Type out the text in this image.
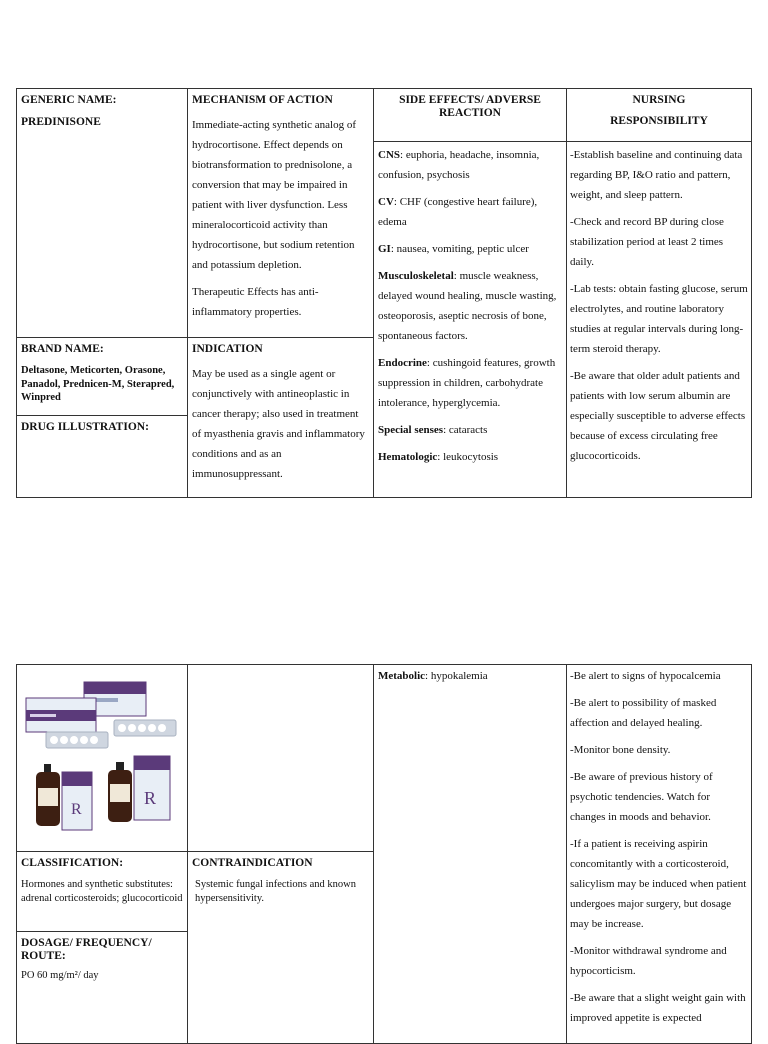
GENERIC NAME:
PREDINISONE
BRAND NAME:
Deltasone, Meticorten, Orasone, Panadol, Prednicen-M, Sterapred, Winpred
DRUG ILLUSTRATION:
MECHANISM OF ACTION

Immediate-acting synthetic analog of hydrocortisone. Effect depends on biotransformation to prednisolone, a conversion that may be impaired in patient with liver dysfunction. Less mineralocorticoid activity than hydrocortisone, but sodium retention and potassium depletion.

Therapeutic Effects has anti-inflammatory properties.

INDICATION

May be used as a single agent or conjunctively with antineoplastic in cancer therapy; also used in treatment of myasthenia gravis and inflammatory conditions and as an immunosuppressant.

SIDE EFFECTS/ ADVERSE REACTION

CNS: euphoria, headache, insomnia, confusion, psychosis

CV: CHF (congestive heart failure), edema

GI: nausea, vomiting, peptic ulcer

Musculoskeletal: muscle weakness, delayed wound healing, muscle wasting, osteoporosis, aseptic necrosis of bone, spontaneous factors.

Endocrine: cushingoid features, growth suppression in children, carbohydrate intolerance, hyperglycemia.

Special senses: cataracts

Hematologic: leukocytosis

NURSING
RESPONSIBILITY

-Establish baseline and continuing data regarding BP, I&O ratio and pattern, weight, and sleep pattern.

-Check and record BP during close stabilization period at least 2 times daily.

-Lab tests: obtain fasting glucose, serum electrolytes, and routine laboratory studies at regular intervals during long-term steroid therapy.

-Be aware that older adult patients and patients with low serum albumin are especially susceptible to adverse effects because of excess circulating free glucocorticoids.

R
R
CLASSIFICATION:
Hormones and synthetic substitutes: adrenal corticosteroids; glucocorticoid
DOSAGE/ FREQUENCY/ ROUTE:
PO 60 mg/m²/ day
CONTRAINDICATION
Systemic fungal infections and known hypersensitivity.

Metabolic: hypokalemia	-Be alert to signs of hypocalcemia

-Be alert to possibility of masked affection and delayed healing.

-Monitor bone density.

-Be aware of previous history of psychotic tendencies. Watch for changes in moods and behavior.

-If a patient is receiving aspirin concomitantly with a corticosteroid, salicylism may be induced when patient undergoes major surgery, but dosage may be increase.

-Monitor withdrawal syndrome and hypocorticism.

-Be aware that a slight weight gain with improved appetite is expected
